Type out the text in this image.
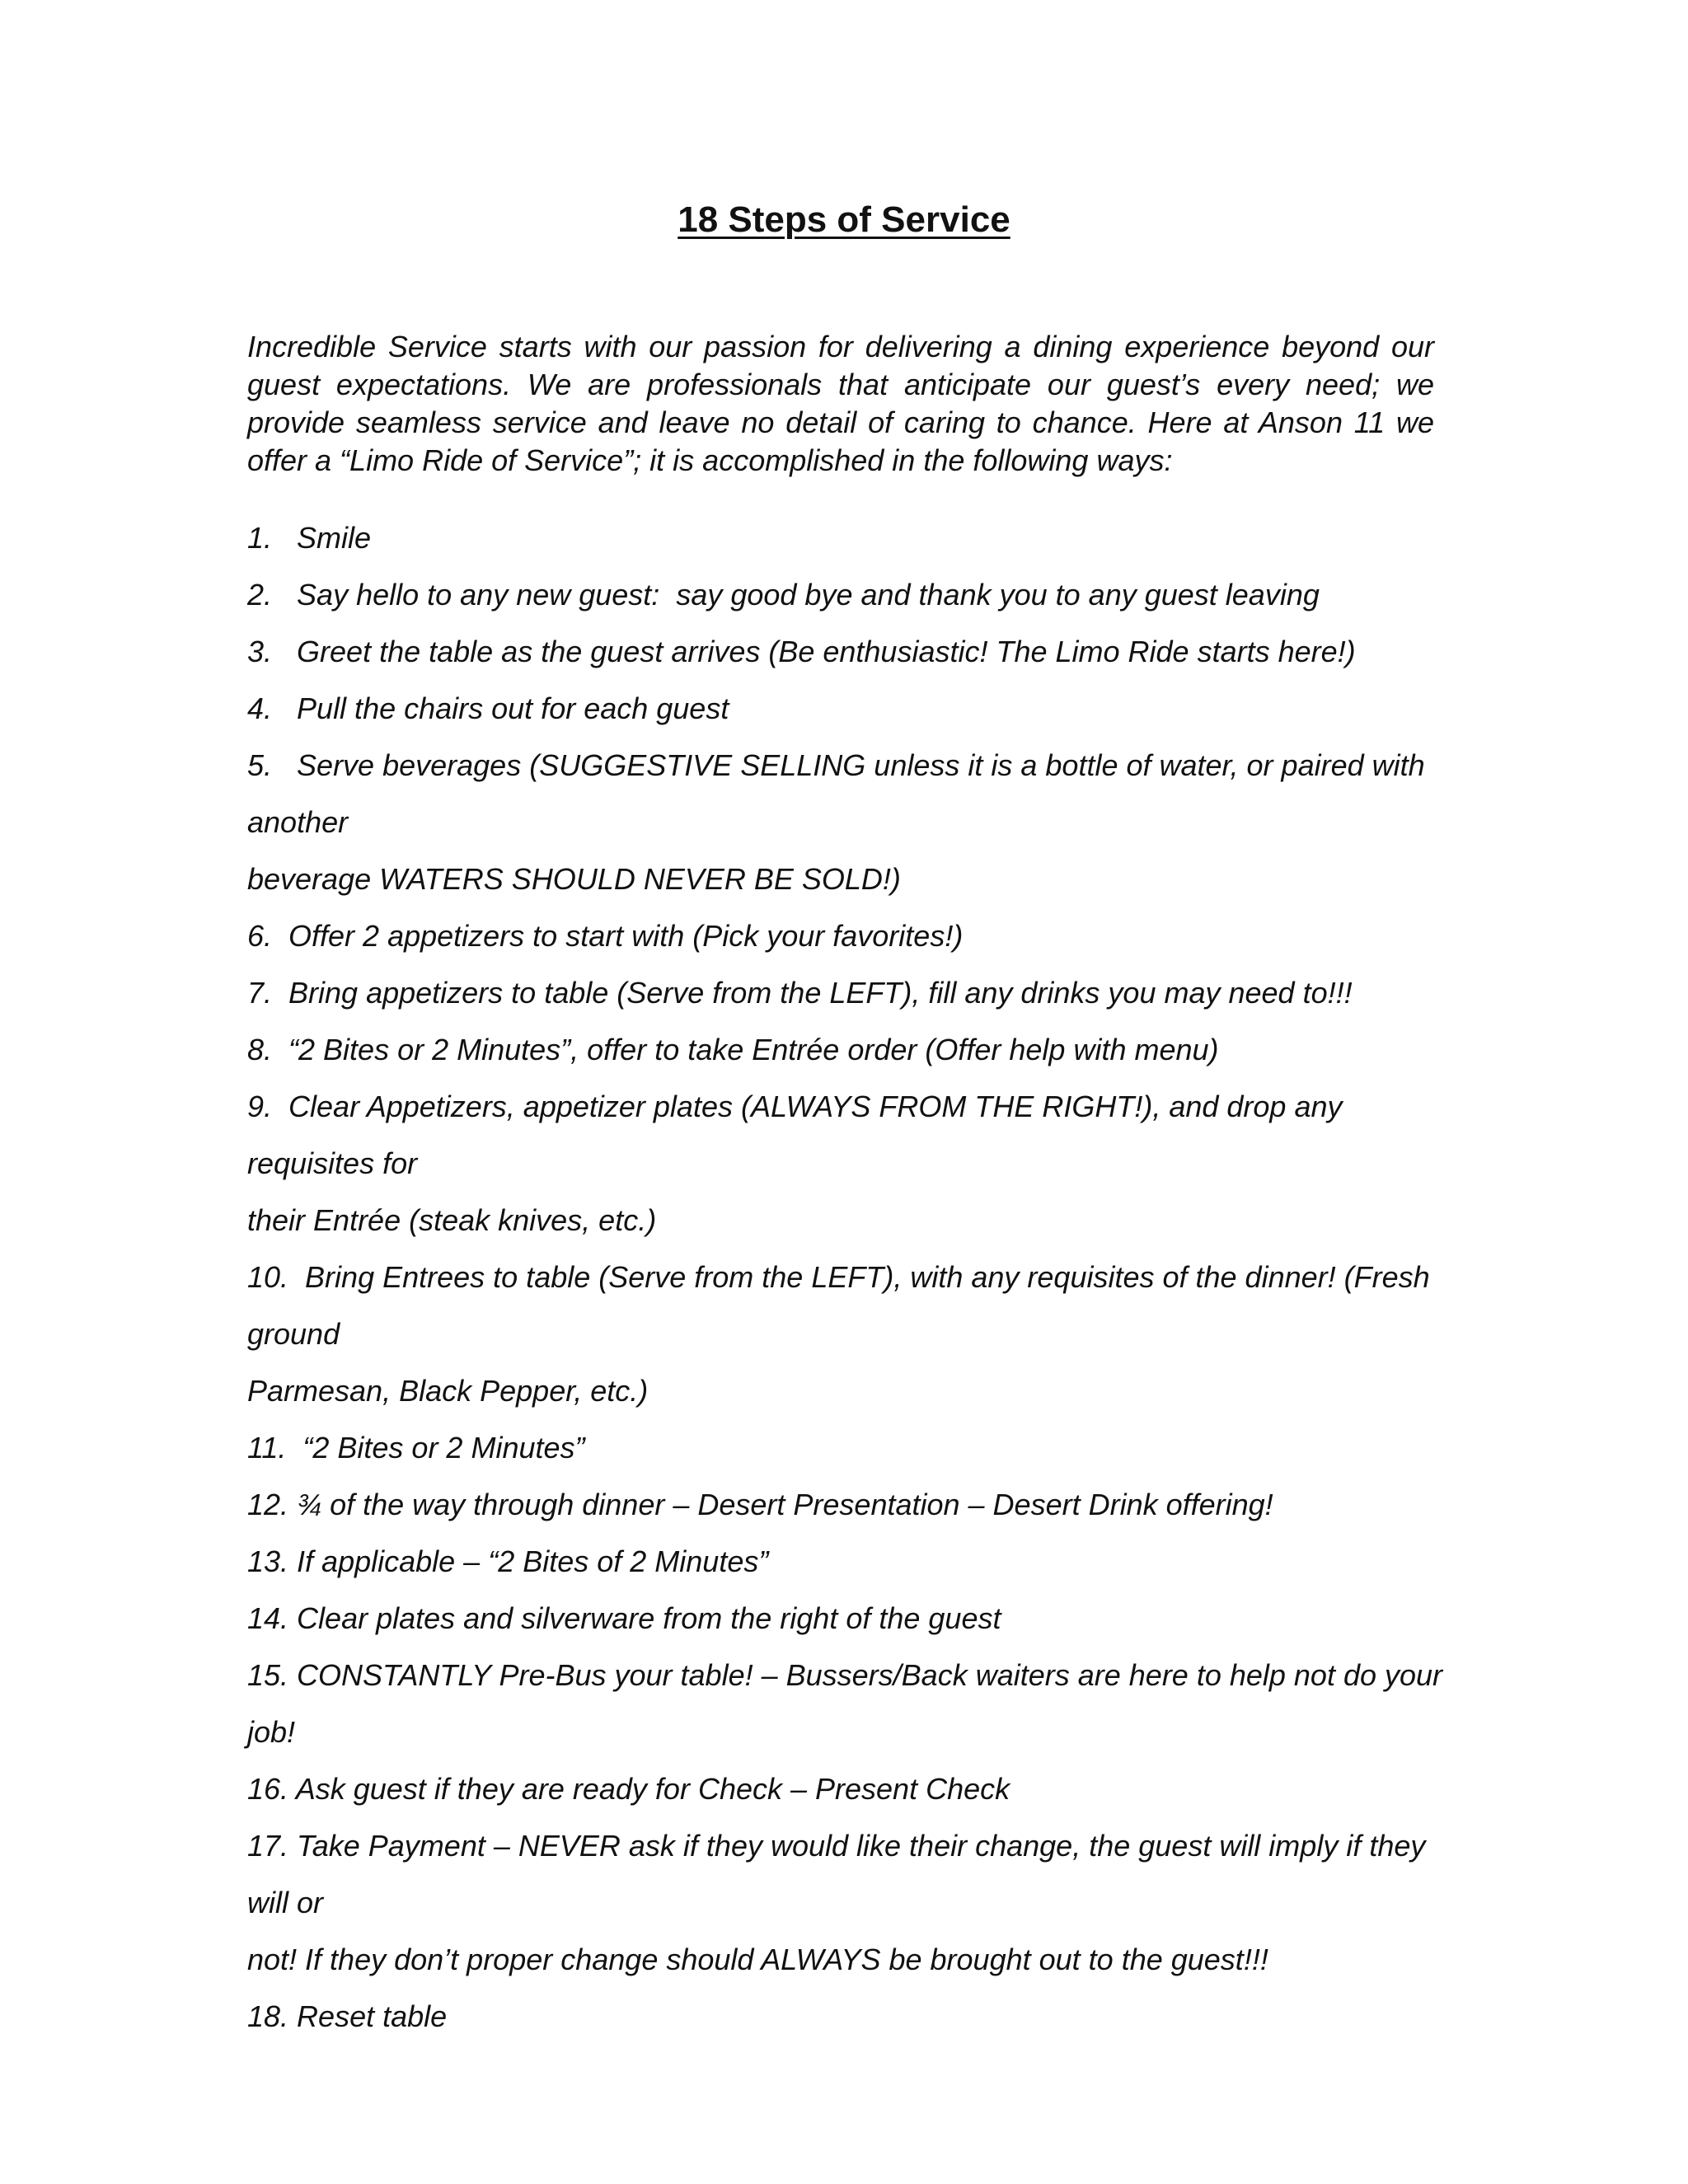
18 Steps of Service

Incredible Service starts with our passion for delivering a dining experience beyond our guest expectations. We are professionals that anticipate our guest’s every need; we provide seamless service and leave no detail of caring to chance. Here at Anson 11 we offer a “Limo Ride of Service”; it is accomplished in the following ways:

1.   Smile
2.   Say hello to any new guest:  say good bye and thank you to any guest leaving
3.   Greet the table as the guest arrives (Be enthusiastic! The Limo Ride starts here!)
4.   Pull the chairs out for each guest
5.   Serve beverages (SUGGESTIVE SELLING unless it is a bottle of water, or paired with another
beverage WATERS SHOULD NEVER BE SOLD!)
6.  Offer 2 appetizers to start with (Pick your favorites!)
7.  Bring appetizers to table (Serve from the LEFT), fill any drinks you may need to!!!
8.  “2 Bites or 2 Minutes”, offer to take Entrée order (Offer help with menu)
9.  Clear Appetizers, appetizer plates (ALWAYS FROM THE RIGHT!), and drop any requisites for
their Entrée (steak knives, etc.)
10.  Bring Entrees to table (Serve from the LEFT), with any requisites of the dinner! (Fresh ground
Parmesan, Black Pepper, etc.)
11.  “2 Bites or 2 Minutes”
12. ¾ of the way through dinner – Desert Presentation – Desert Drink offering!
13. If applicable – “2 Bites of 2 Minutes”
14. Clear plates and silverware from the right of the guest
15. CONSTANTLY Pre-Bus your table! – Bussers/Back waiters are here to help not do your job!
16. Ask guest if they are ready for Check – Present Check
17. Take Payment – NEVER ask if they would like their change, the guest will imply if they will or
not! If they don’t proper change should ALWAYS be brought out to the guest!!!
18. Reset table
